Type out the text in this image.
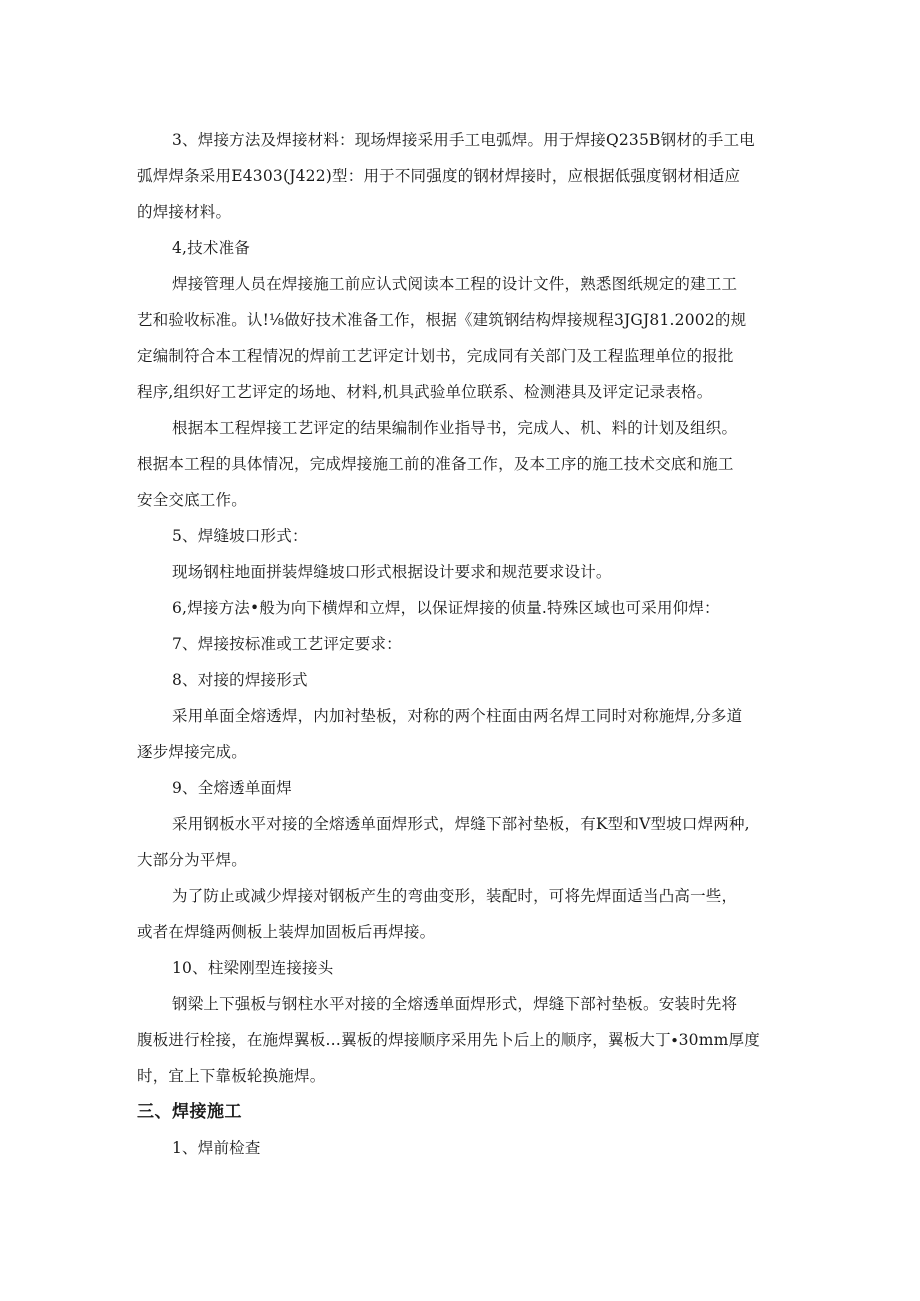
3、焊接方法及焊接材料：现场焊接采用手工电弧焊。用于焊接Q235B钢材的手工电

弧焊焊条采用E4303(J422)型：用于不同强度的钢材焊接时，应根据低强度钢材相适应

的焊接材料。

4,技术准备

焊接管理人员在焊接施工前应认式阅读本工程的设计文件，熟悉图纸规定的建工工

艺和验收标准。认!⅛做好技术准备工作，根据《建筑钢结构焊接规程3JGJ81.2002的规

定编制符合本工程情况的焊前工艺评定计划书，完成同有关部门及工程监理单位的报批

程序,组织好工艺评定的场地、材料,机具武验单位联系、检测港具及评定记录表格。

根据本工程焊接工艺评定的结果编制作业指导书，完成人、机、料的计划及组织。

根据本工程的具体情况，完成焊接施工前的准备工作，及本工序的施工技术交底和施工

安全交底工作。

5、焊缝坡口形式：

现场钢柱地面拼装焊缝坡口形式根据设计要求和规范要求设计。

6,焊接方法•般为向下横焊和立焊，以保证焊接的侦量.特殊区域也可采用仰焊：

7、焊接按标准或工艺评定要求：

8、对接的焊接形式

采用单面全熔透焊，内加衬垫板，对称的两个柱面由两名焊工同时对称施焊,分多道

逐步焊接完成。

9、全熔透单面焊

采用钢板水平对接的全熔透单面焊形式，焊缝下部衬垫板，有K型和V型坡口焊两种,

大部分为平焊。

为了防止或减少焊接对钢板产生的弯曲变形，装配时，可将先焊面适当凸高一些，

或者在焊缝两侧板上装焊加固板后再焊接。

10、柱梁刚型连接接头

钢梁上下强板与钢柱水平对接的全熔透单面焊形式，焊缝下部衬垫板。安装时先将

腹板进行栓接，在施焊翼板…翼板的焊接顺序采用先卜后上的顺序，翼板大丁∙30mm厚度

时，宜上下靠板轮换施焊。

三、焊接施工

1、焊前检查
